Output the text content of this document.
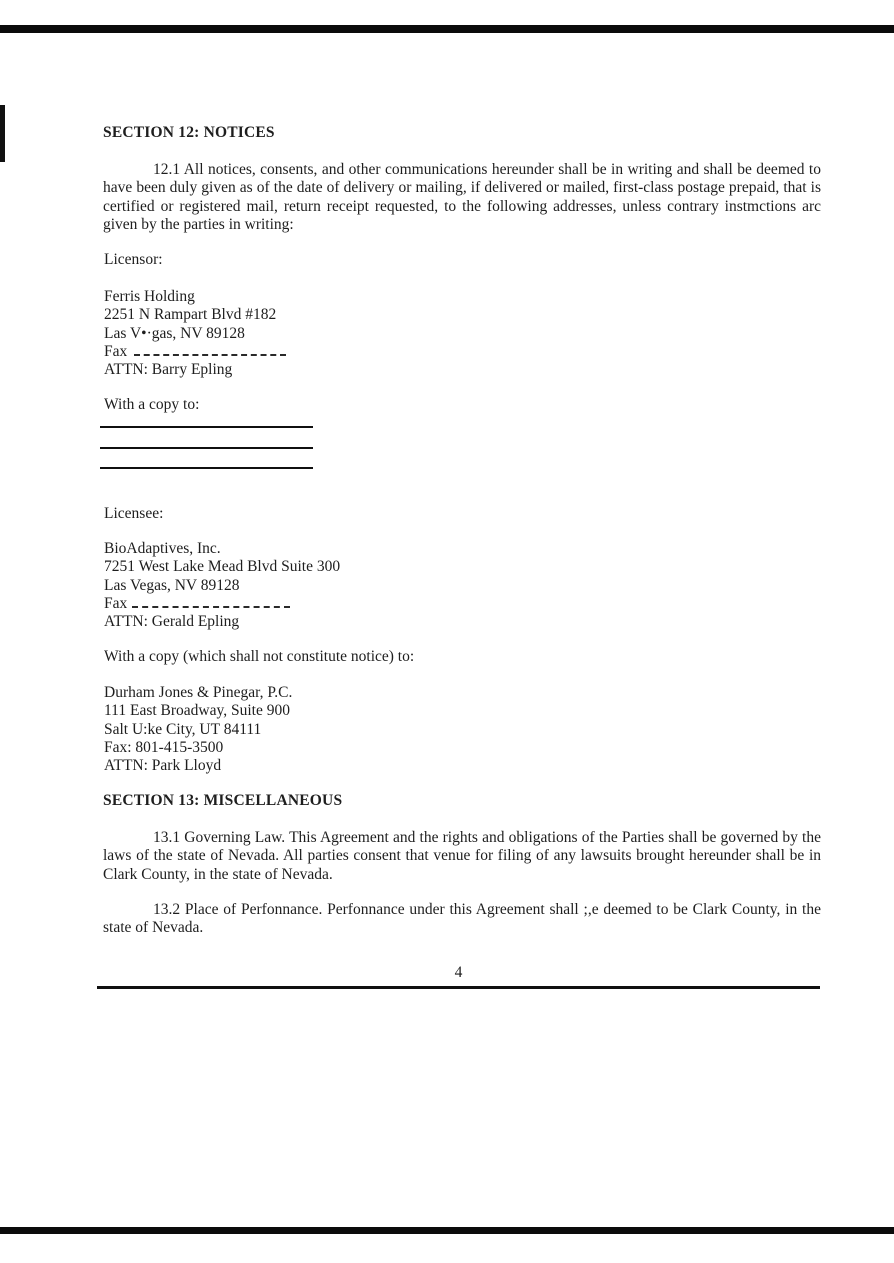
SECTION 12: NOTICES
12.1 All notices, consents, and other communications hereunder shall be in writing and shall be deemed to have been duly given as of the date of delivery or mailing, if delivered or mailed, first-class postage prepaid, that is certified or registered mail, return receipt requested, to the following addresses, unless contrary instmctions arc given by the parties in writing:
Licensor:
Ferris Holding
2251 N Rampart Blvd #182
Las V•·gas, NV 89128
Fax
ATTN: Barry Epling
With a copy to:
Licensee:
BioAdaptives, Inc.
7251 West Lake Mead Blvd Suite 300
Las Vegas, NV 89128
Fax
ATTN: Gerald Epling
With a copy (which shall not constitute notice) to:
Durham Jones & Pinegar, P.C.
111 East Broadway, Suite 900
Salt U:ke City, UT 84111
Fax: 801-415-3500
ATTN: Park Lloyd
SECTION 13: MISCELLANEOUS
13.1 Governing Law. This Agreement and the rights and obligations of the Parties shall be governed by the laws of the state of Nevada. All parties consent that venue for filing of any lawsuits brought hereunder shall be in Clark County, in the state of Nevada.
13.2 Place of Perfonnance. Perfonnance under this Agreement shall ;,e deemed to be Clark County, in the state of Nevada.
4
